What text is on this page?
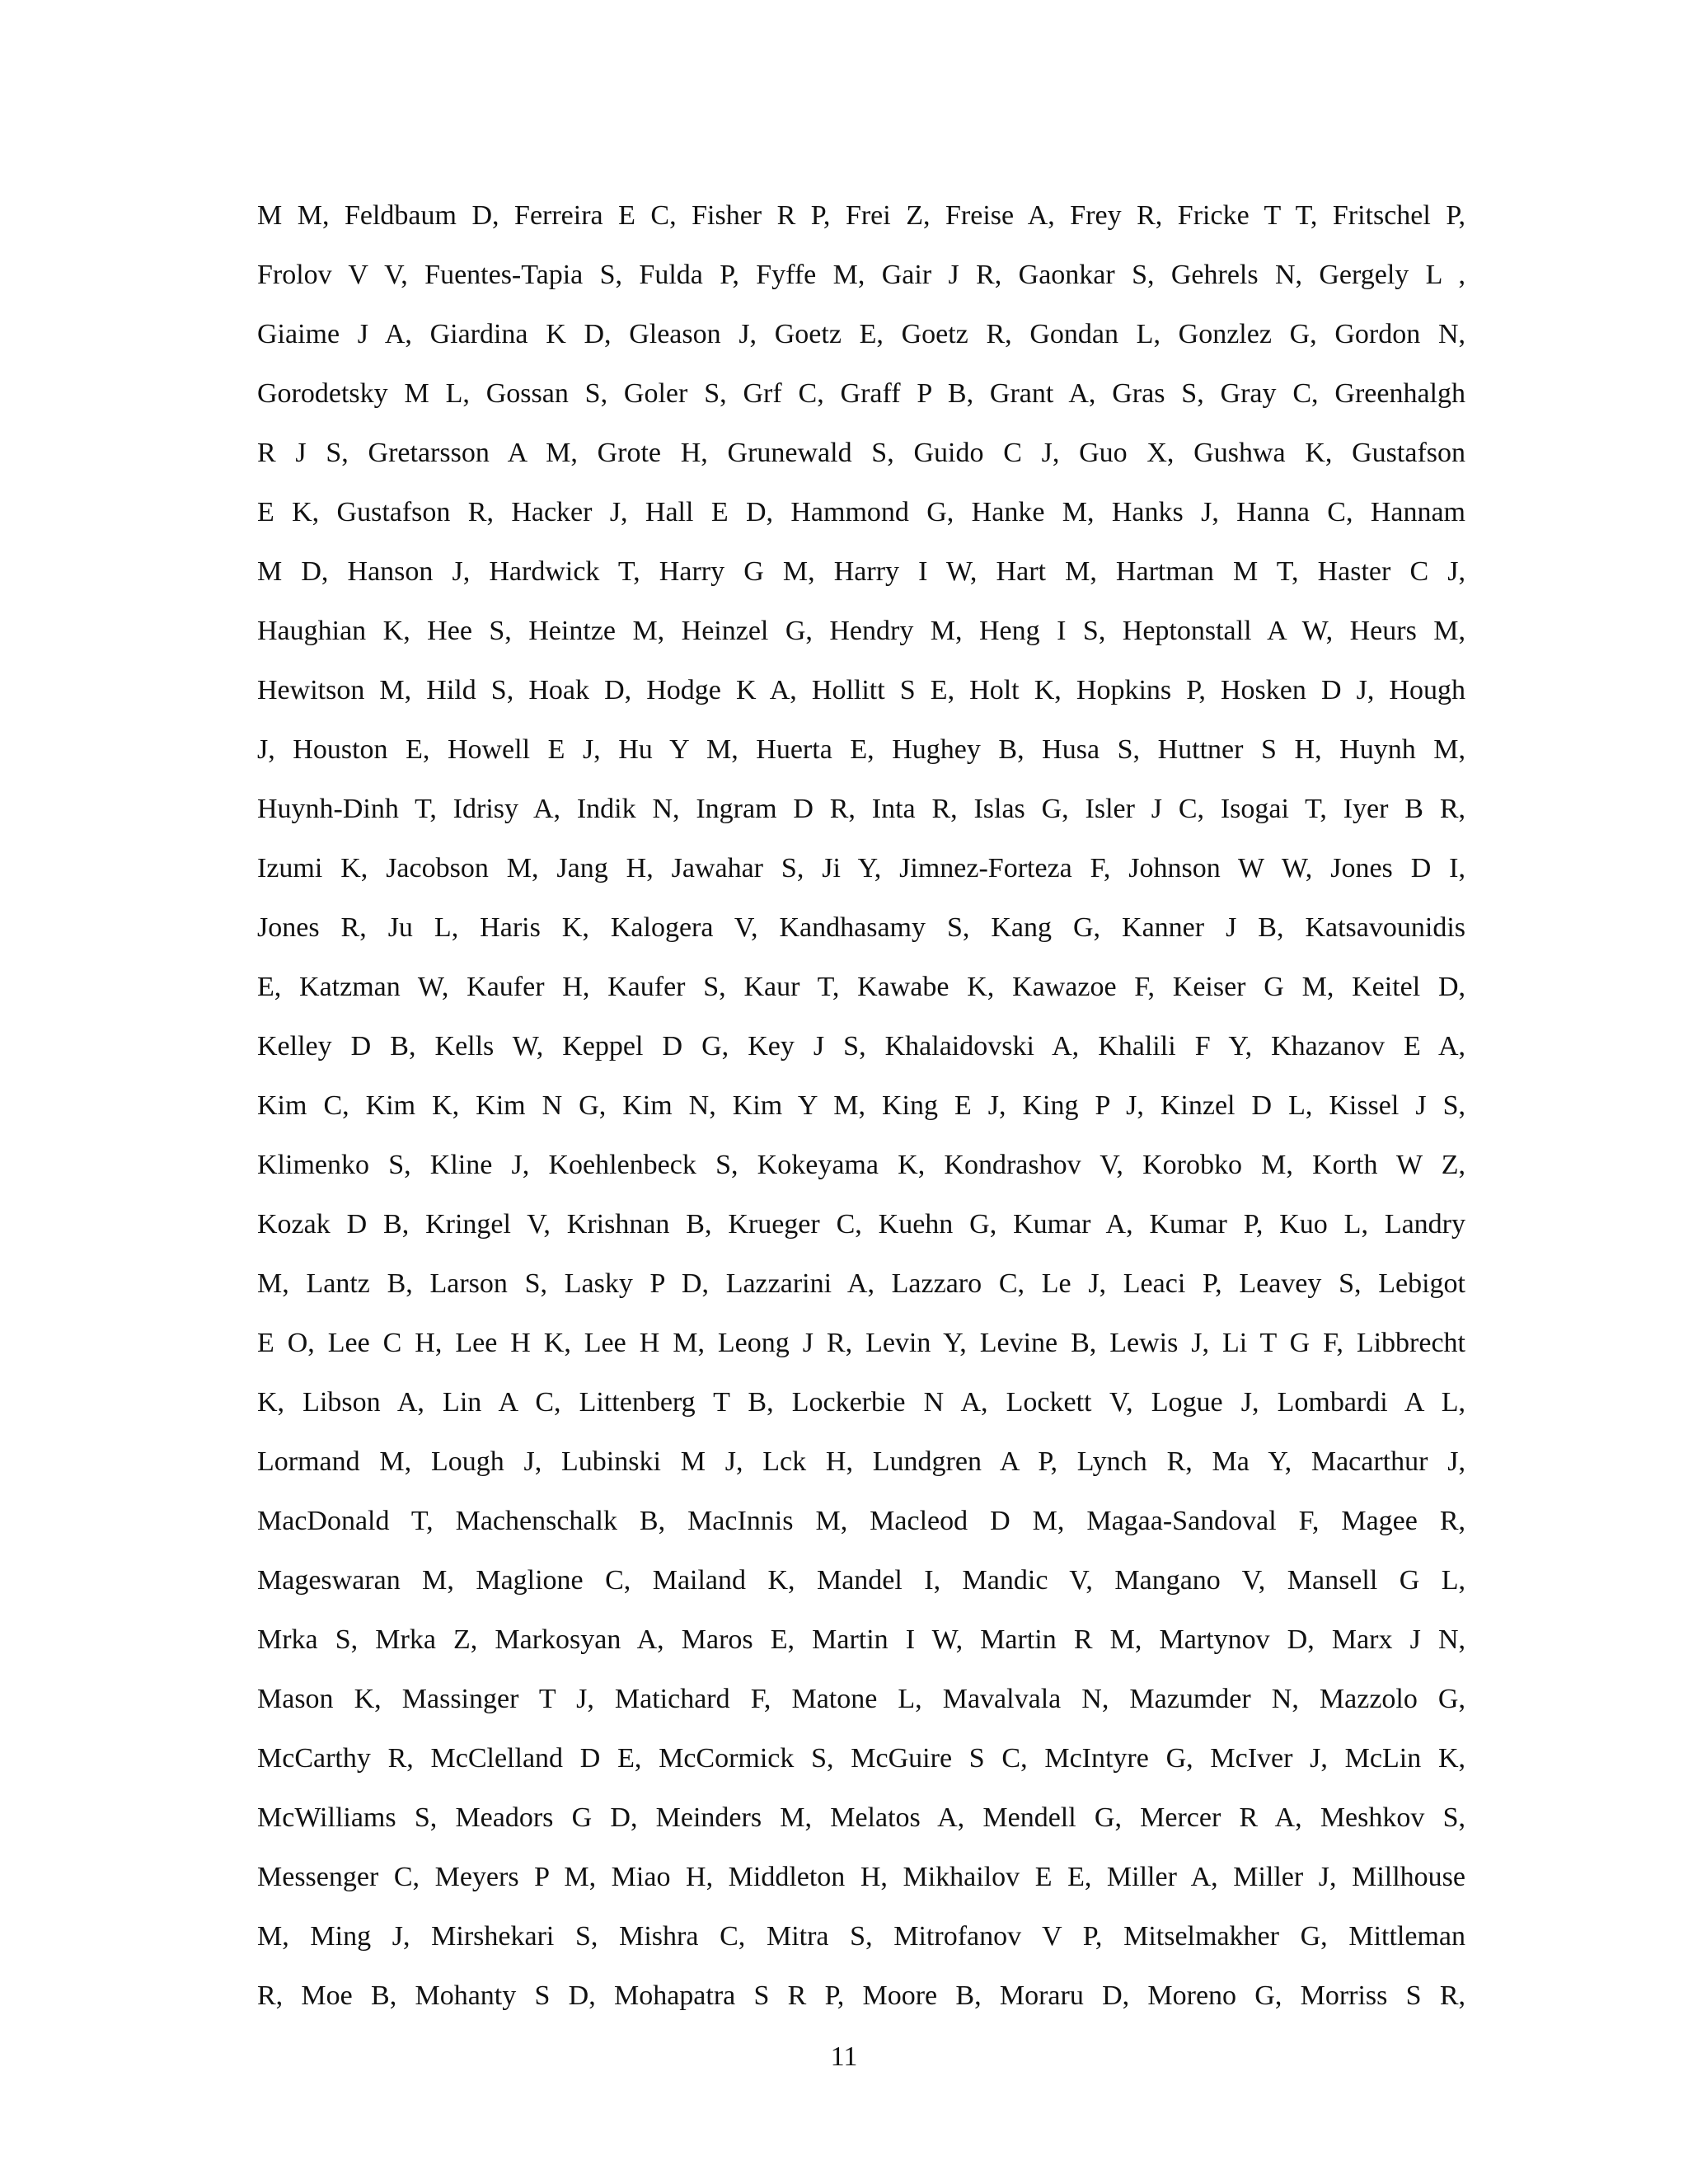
M M, Feldbaum D, Ferreira E C, Fisher R P, Frei Z, Freise A, Frey R, Fricke T T, Fritschel P,
Frolov V V, Fuentes-Tapia S, Fulda P, Fyffe M, Gair J R, Gaonkar S, Gehrels N, Gergely L ,
Giaime J A, Giardina K D, Gleason J, Goetz E, Goetz R, Gondan L, Gonzlez G, Gordon N,
Gorodetsky M L, Gossan S, Goler S, Grf C, Graff P B, Grant A, Gras S, Gray C, Greenhalgh
R J S, Gretarsson A M, Grote H, Grunewald S, Guido C J, Guo X, Gushwa K, Gustafson
E K, Gustafson R, Hacker J, Hall E D, Hammond G, Hanke M, Hanks J, Hanna C, Hannam
M D, Hanson J, Hardwick T, Harry G M, Harry I W, Hart M, Hartman M T, Haster C J,
Haughian K, Hee S, Heintze M, Heinzel G, Hendry M, Heng I S, Heptonstall A W, Heurs M,
Hewitson M, Hild S, Hoak D, Hodge K A, Hollitt S E, Holt K, Hopkins P, Hosken D J, Hough
J, Houston E, Howell E J, Hu Y M, Huerta E, Hughey B, Husa S, Huttner S H, Huynh M,
Huynh-Dinh T, Idrisy A, Indik N, Ingram D R, Inta R, Islas G, Isler J C, Isogai T, Iyer B R,
Izumi K, Jacobson M, Jang H, Jawahar S, Ji Y, Jimnez-Forteza F, Johnson W W, Jones D I,
Jones R, Ju L, Haris K, Kalogera V, Kandhasamy S, Kang G, Kanner J B, Katsavounidis
E, Katzman W, Kaufer H, Kaufer S, Kaur T, Kawabe K, Kawazoe F, Keiser G M, Keitel D,
Kelley D B, Kells W, Keppel D G, Key J S, Khalaidovski A, Khalili F Y, Khazanov E A,
Kim C, Kim K, Kim N G, Kim N, Kim Y M, King E J, King P J, Kinzel D L, Kissel J S,
Klimenko S, Kline J, Koehlenbeck S, Kokeyama K, Kondrashov V, Korobko M, Korth W Z,
Kozak D B, Kringel V, Krishnan B, Krueger C, Kuehn G, Kumar A, Kumar P, Kuo L, Landry
M, Lantz B, Larson S, Lasky P D, Lazzarini A, Lazzaro C, Le J, Leaci P, Leavey S, Lebigot
E O, Lee C H, Lee H K, Lee H M, Leong J R, Levin Y, Levine B, Lewis J, Li T G F, Libbrecht
K, Libson A, Lin A C, Littenberg T B, Lockerbie N A, Lockett V, Logue J, Lombardi A L,
Lormand M, Lough J, Lubinski M J, Lck H, Lundgren A P, Lynch R, Ma Y, Macarthur J,
MacDonald T, Machenschalk B, MacInnis M, Macleod D M, Magaa-Sandoval F, Magee R,
Mageswaran M, Maglione C, Mailand K, Mandel I, Mandic V, Mangano V, Mansell G L,
Mrka S, Mrka Z, Markosyan A, Maros E, Martin I W, Martin R M, Martynov D, Marx J N,
Mason K, Massinger T J, Matichard F, Matone L, Mavalvala N, Mazumder N, Mazzolo G,
McCarthy R, McClelland D E, McCormick S, McGuire S C, McIntyre G, McIver J, McLin K,
McWilliams S, Meadors G D, Meinders M, Melatos A, Mendell G, Mercer R A, Meshkov S,
Messenger C, Meyers P M, Miao H, Middleton H, Mikhailov E E, Miller A, Miller J, Millhouse
M, Ming J, Mirshekari S, Mishra C, Mitra S, Mitrofanov V P, Mitselmakher G, Mittleman
R, Moe B, Mohanty S D, Mohapatra S R P, Moore B, Moraru D, Moreno G, Morriss S R,
11
